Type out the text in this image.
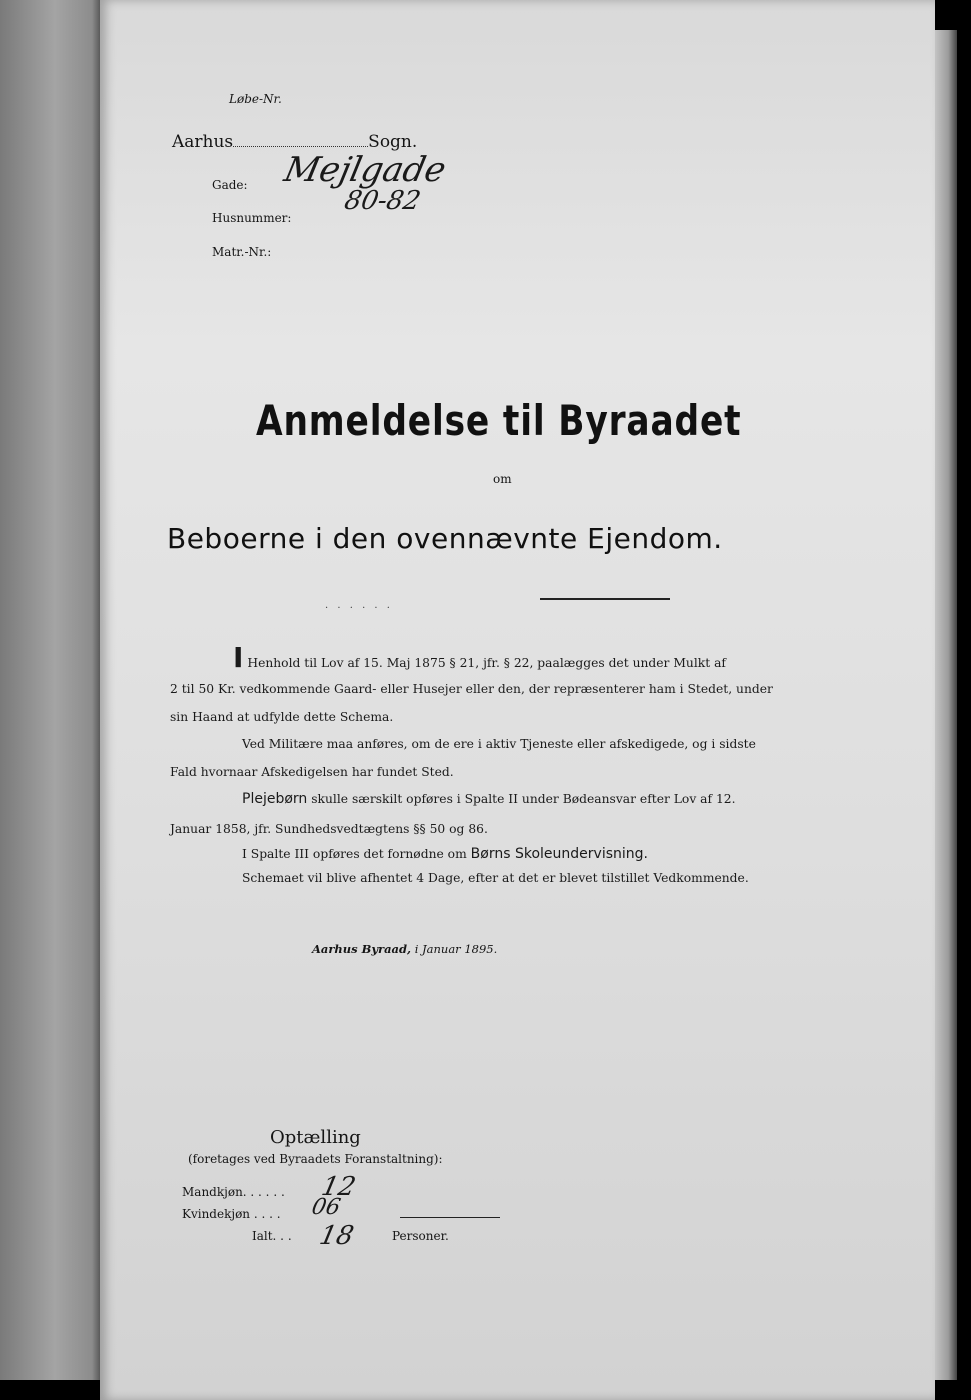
Løbe-Nr.
Aarhus	Sogn.
Gade: Mejlgade
Husnummer:
80-82
Matr.-Nr.:
Anmeldelse til Byraadet
om
Beboerne i den ovennævnte Ejendom.
· · · · · ·
I Henhold til Lov af 15. Maj 1875 § 21, jfr. § 22, paalægges det under Mulkt af
2 til 50 Kr. vedkommende Gaard- eller Husejer eller den, der repræsenterer ham i Stedet, under
sin Haand at udfylde dette Schema.
Ved Militære maa anføres, om de ere i aktiv Tjeneste eller afskedigede, og i sidste
Fald hvornaar Afskedigelsen har fundet Sted.
Plejebørn skulle særskilt opføres i Spalte II under Bødeansvar efter Lov af 12.
Januar 1858, jfr. Sundhedsvedtægtens §§ 50 og 86.
I Spalte III opføres det fornødne om Børns Skoleundervisning.
Schemaet vil blive afhentet 4 Dage, efter at det er blevet tilstillet Vedkommende.
Aarhus Byraad, i Januar 1895.
Optælling
(foretages ved Byraadets Foranstaltning):
Mandkjøn. . . . . . 12
Kvindekjøn . . . . 06
Ialt. . . 18	Personer.
